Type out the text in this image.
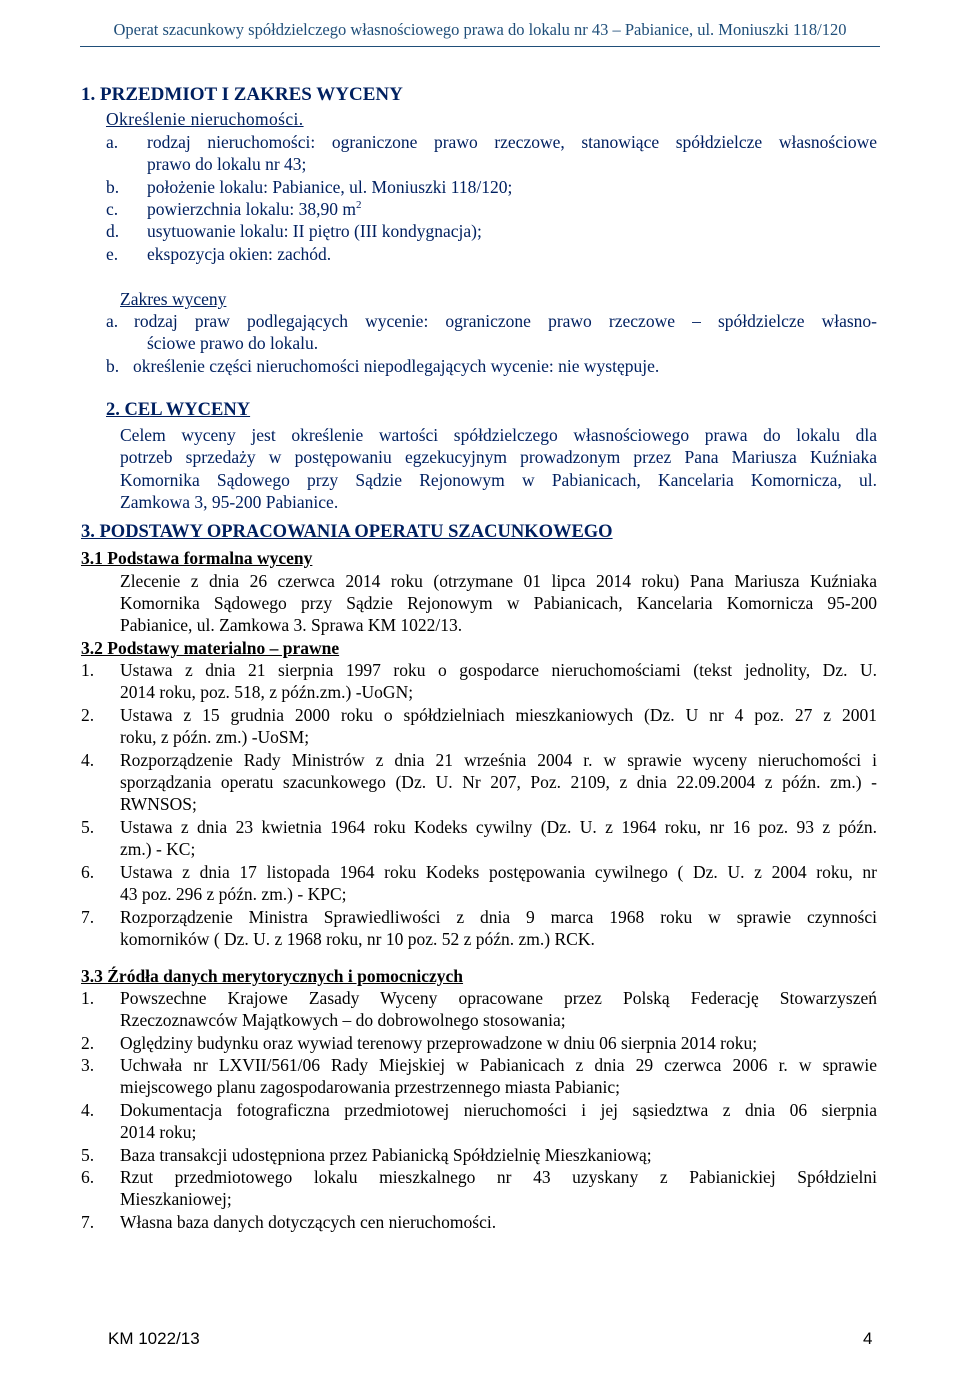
Operat szacunkowy spółdzielczego własnościowego prawa do lokalu nr 43 – Pabianice, ul. Moniuszki 118/120
1. PRZEDMIOT I ZAKRES WYCENY
Określenie nieruchomości.
a. rodzaj nieruchomości: ograniczone prawo rzeczowe, stanowiące spółdzielcze własnościowe
prawo do lokalu nr 43;
b. położenie lokalu: Pabianice, ul. Moniuszki 118/120;
c. powierzchnia lokalu: 38,90 $m^2$
d. usytuowanie lokalu: II piętro (III kondygnacja);
e. ekspozycja okien: zachód.
Zakres wyceny
a. rodzaj praw podlegających wycenie: ograniczone prawo rzeczowe – spółdzielcze własno-
ściowe prawo do lokalu.
b. określenie części nieruchomości niepodlegających wycenie: nie występuje.
2. CEL WYCENY
Celem wyceny jest określenie wartości spółdzielczego własnościowego prawa do lokalu dla
potrzeb sprzedaży w postępowaniu egzekucyjnym prowadzonym przez Pana Mariusza Kuźniaka
Komornika Sądowego przy Sądzie Rejonowym w Pabianicach, Kancelaria Komornicza, ul.
Zamkowa 3, 95-200 Pabianice.
3. PODSTAWY OPRACOWANIA OPERATU SZACUNKOWEGO
3.1 Podstawa formalna wyceny
Zlecenie z dnia 26 czerwca 2014 roku (otrzymane 01 lipca 2014 roku) Pana Mariusza Kuźniaka
Komornika Sądowego przy Sądzie Rejonowym w Pabianicach, Kancelaria Komornicza 95-200
Pabianice, ul. Zamkowa 3. Sprawa KM 1022/13.
3.2 Podstawy materialno – prawne
1. Ustawa z dnia 21 sierpnia 1997 roku o gospodarce nieruchomościami (tekst jednolity, Dz. U.
2014 roku, poz. 518, z późn.zm.) -UoGN;
2. Ustawa z 15 grudnia 2000 roku o spółdzielniach mieszkaniowych (Dz. U nr 4 poz. 27 z 2001
roku, z późn. zm.) -UoSM;
4. Rozporządzenie Rady Ministrów z dnia 21 września 2004 r. w sprawie wyceny nieruchomości i
sporządzania operatu szacunkowego (Dz. U. Nr 207, Poz. 2109, z dnia 22.09.2004 z późn. zm.) -
RWNSOS;
5. Ustawa z dnia 23 kwietnia 1964 roku Kodeks cywilny (Dz. U. z 1964 roku, nr 16 poz. 93 z późn.
zm.) - KC;
6. Ustawa z dnia 17 listopada 1964 roku Kodeks postępowania cywilnego ( Dz. U. z 2004 roku, nr
43 poz. 296 z późn. zm.) - KPC;
7. Rozporządzenie Ministra Sprawiedliwości z dnia 9 marca 1968 roku w sprawie czynności
komorników ( Dz. U. z 1968 roku, nr 10 poz. 52 z późn. zm.) RCK.
3.3 Źródła danych merytorycznych i pomocniczych
1. Powszechne Krajowe Zasady Wyceny opracowane przez Polską Federację Stowarzyszeń
Rzeczoznawców Majątkowych – do dobrowolnego stosowania;
2. Oględziny budynku oraz wywiad terenowy przeprowadzone w dniu 06 sierpnia 2014 roku;
3. Uchwała nr LXVII/561/06 Rady Miejskiej w Pabianicach z dnia 29 czerwca 2006 r. w sprawie
miejscowego planu zagospodarowania przestrzennego miasta Pabianic;
4. Dokumentacja fotograficzna przedmiotowej nieruchomości i jej sąsiedztwa z dnia 06 sierpnia
2014 roku;
5. Baza transakcji udostępniona przez Pabianicką Spółdzielnię Mieszkaniową;
6. Rzut przedmiotowego lokalu mieszkalnego nr 43 uzyskany z Pabianickiej Spółdzielni
Mieszkaniowej;
7. Własna baza danych dotyczących cen nieruchomości.
KM 1022/13	4
